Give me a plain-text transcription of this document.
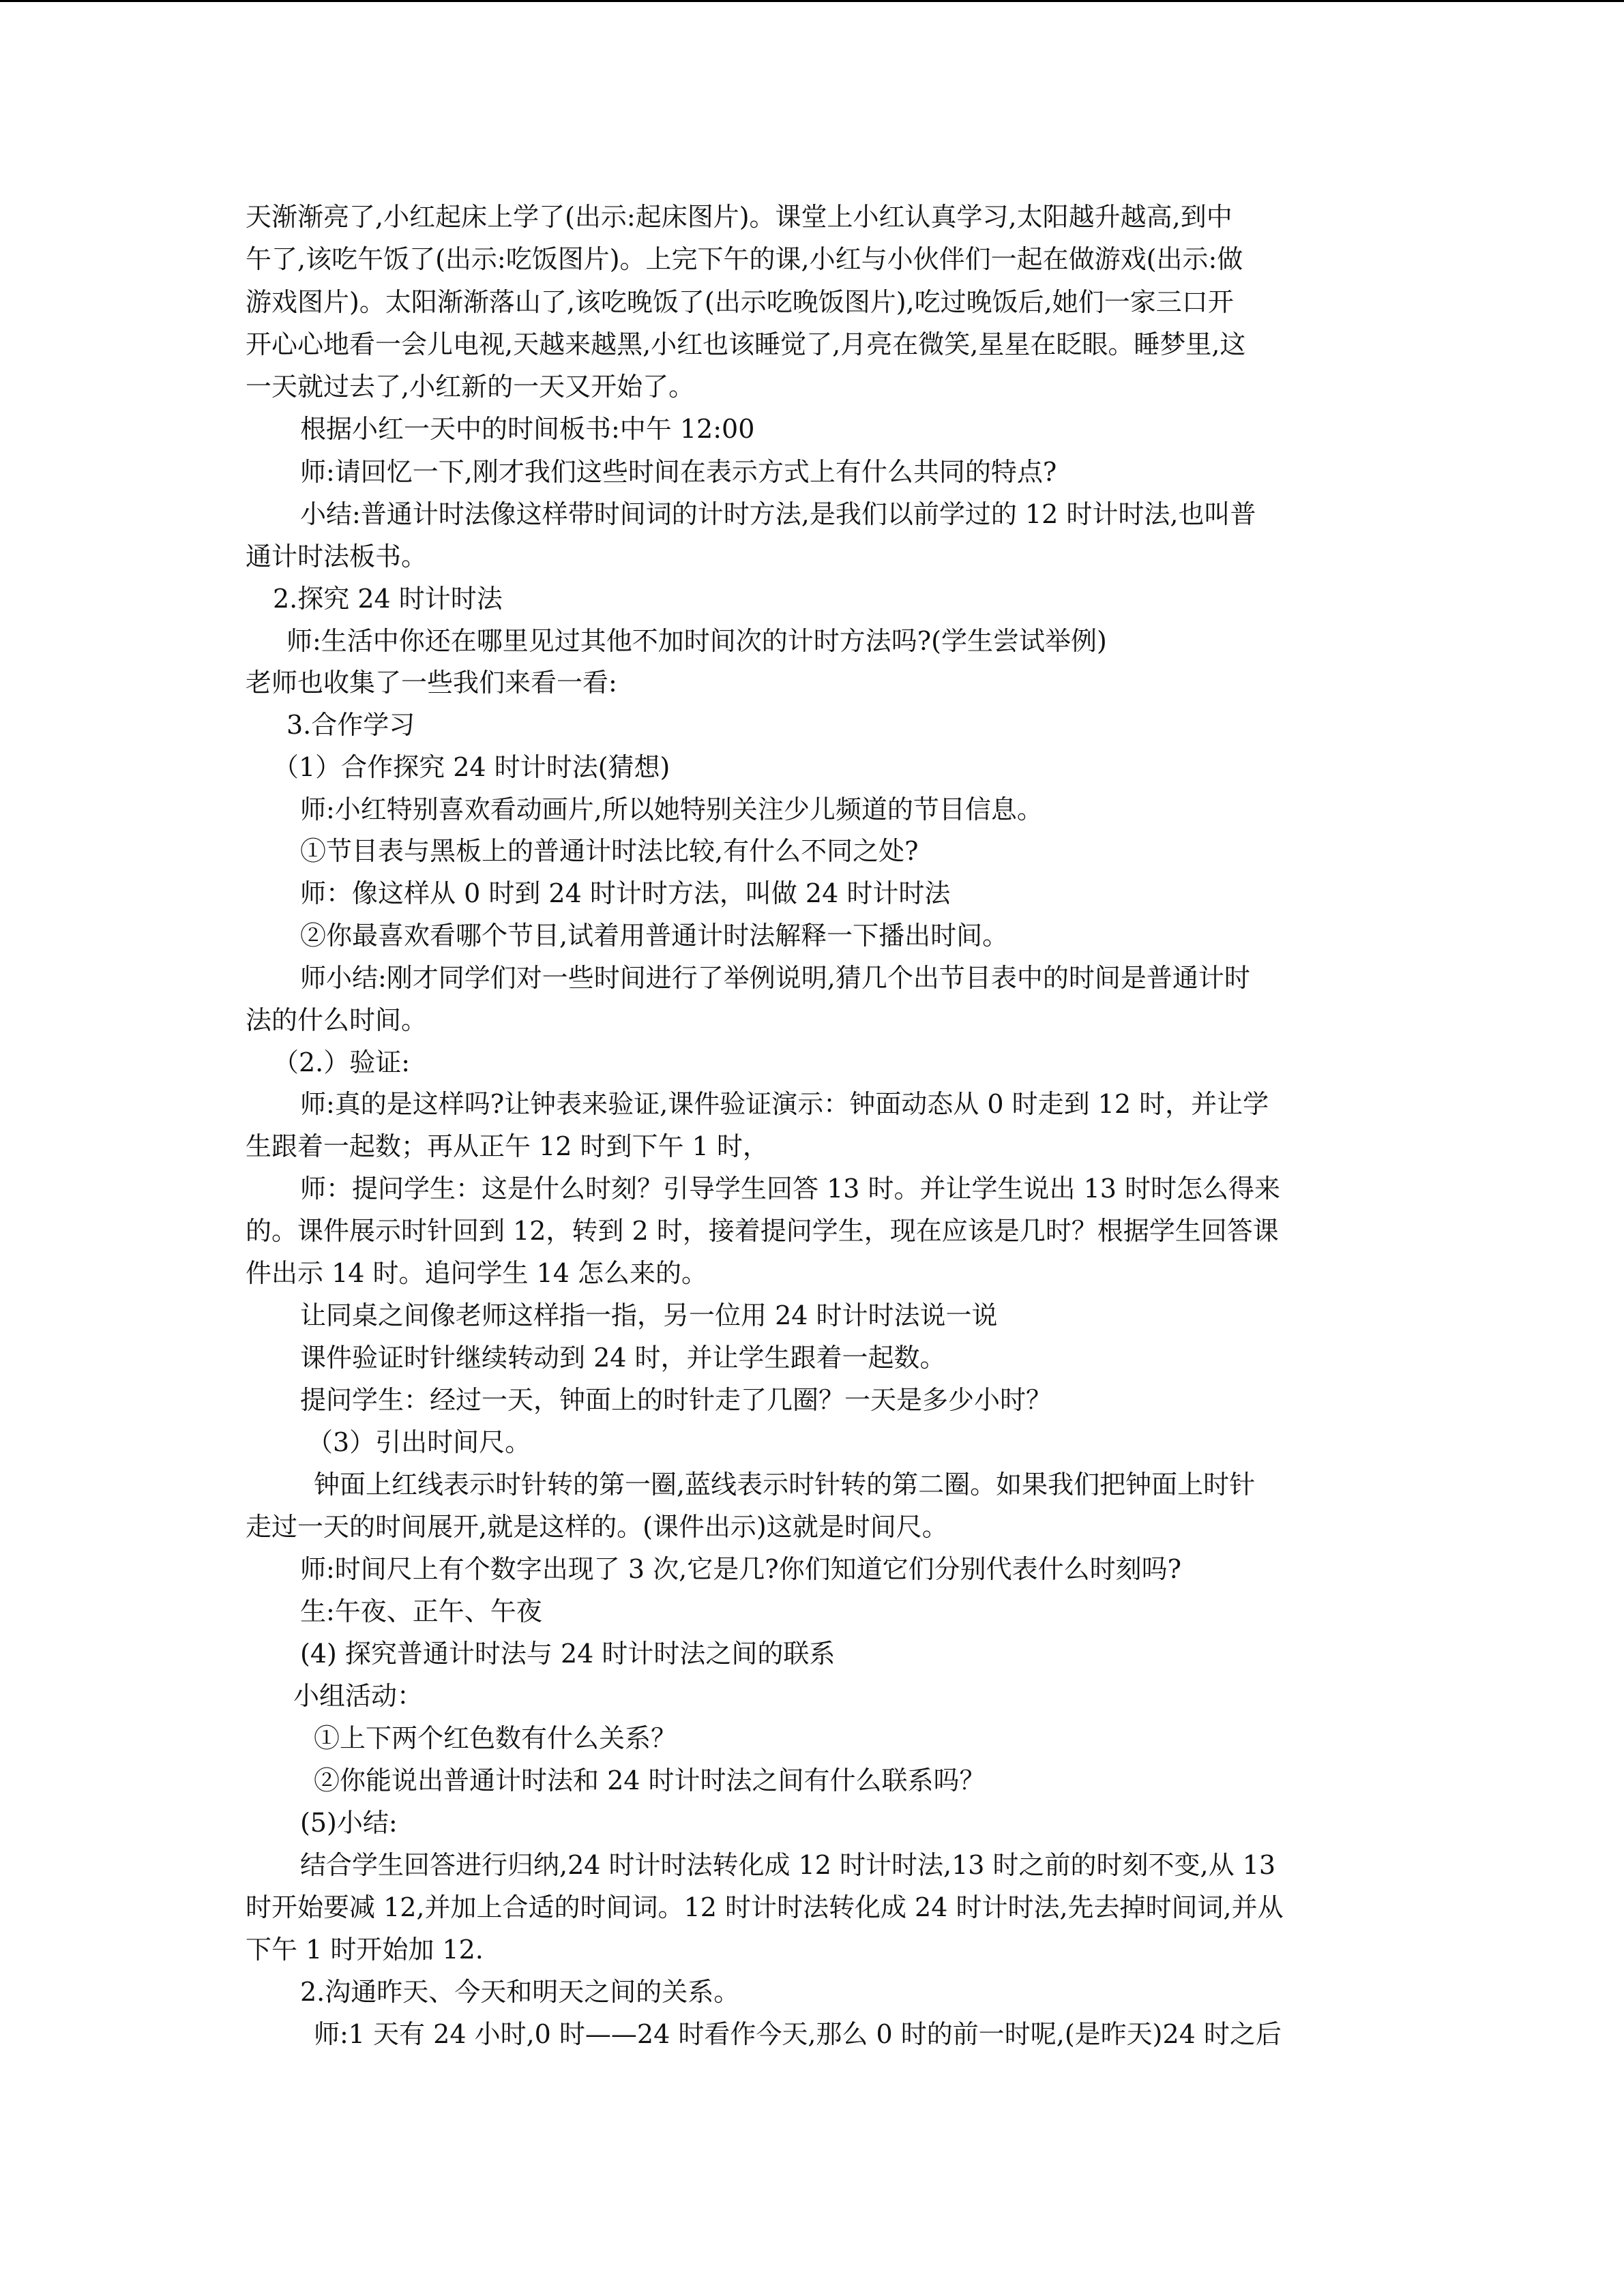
天渐渐亮了,小红起床上学了(出示:起床图片)。课堂上小红认真学习,太阳越升越高,到中
午了,该吃午饭了(出示:吃饭图片)。上完下午的课,小红与小伙伴们一起在做游戏(出示:做
游戏图片)。太阳渐渐落山了,该吃晚饭了(出示吃晚饭图片),吃过晚饭后,她们一家三口开
开心心地看一会儿电视,天越来越黑,小红也该睡觉了,月亮在微笑,星星在眨眼。睡梦里,这
一天就过去了,小红新的一天又开始了。
根据小红一天中的时间板书:中午 12:00
师:请回忆一下,刚才我们这些时间在表示方式上有什么共同的特点?
小结:普通计时法像这样带时间词的计时方法,是我们以前学过的 12 时计时法,也叫普
通计时法板书。
2.探究 24 时计时法
师:生活中你还在哪里见过其他不加时间次的计时方法吗?(学生尝试举例)
老师也收集了一些我们来看一看:
3.合作学习
（1）合作探究 24 时计时法(猜想)
师:小红特别喜欢看动画片,所以她特别关注少儿频道的节目信息。
①节目表与黑板上的普通计时法比较,有什么不同之处?
师：像这样从 0 时到 24 时计时方法，叫做 24 时计时法
②你最喜欢看哪个节目,试着用普通计时法解释一下播出时间。
师小结:刚才同学们对一些时间进行了举例说明,猜几个出节目表中的时间是普通计时
法的什么时间。
（2.）验证:
师:真的是这样吗?让钟表来验证,课件验证演示：钟面动态从 0 时走到 12 时，并让学
生跟着一起数；再从正午 12 时到下午 1 时，
师：提问学生：这是什么时刻？引导学生回答 13 时。并让学生说出 13 时时怎么得来
的。课件展示时针回到 12，转到 2 时，接着提问学生，现在应该是几时？根据学生回答课
件出示 14 时。追问学生 14 怎么来的。
让同桌之间像老师这样指一指，另一位用 24 时计时法说一说
课件验证时针继续转动到 24 时，并让学生跟着一起数。
提问学生：经过一天，钟面上的时针走了几圈？一天是多少小时？
（3）引出时间尺。
钟面上红线表示时针转的第一圈,蓝线表示时针转的第二圈。如果我们把钟面上时针
走过一天的时间展开,就是这样的。(课件出示)这就是时间尺。
师:时间尺上有个数字出现了 3 次,它是几?你们知道它们分别代表什么时刻吗?
生:午夜、正午、午夜
(4) 探究普通计时法与 24 时计时法之间的联系
小组活动：
①上下两个红色数有什么关系？
②你能说出普通计时法和 24 时计时法之间有什么联系吗？
(5)小结:
结合学生回答进行归纳,24 时计时法转化成 12 时计时法,13 时之前的时刻不变,从 13
时开始要减 12,并加上合适的时间词。12 时计时法转化成 24 时计时法,先去掉时间词,并从
下午 1 时开始加 12.
2.沟通昨天、今天和明天之间的关系。
师:1 天有 24 小时,0 时——24 时看作今天,那么 0 时的前一时呢,(是昨天)24 时之后
